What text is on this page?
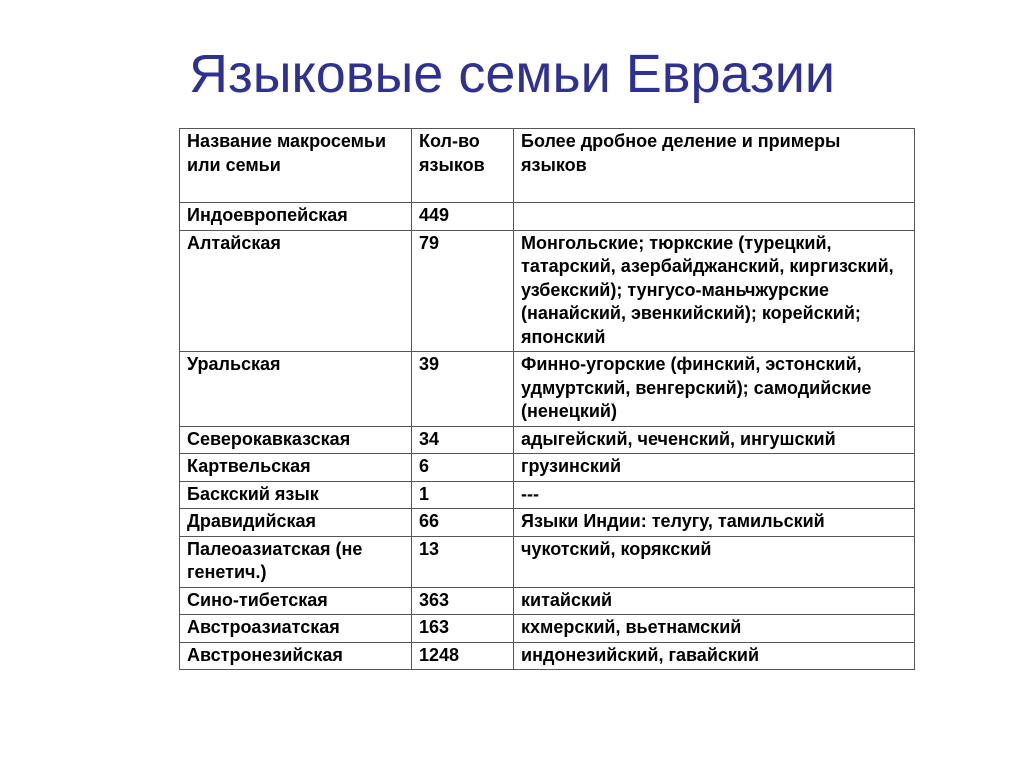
Языковые семьи Евразии
Название макросемьи или семьи	Кол-во языков	Более дробное деление и примеры языков
Индоевропейская	449	
Алтайская	79	Монгольские; тюркские (турецкий, татарский, азербайджанский, киргизский, узбекский); тунгусо-маньчжурские (нанайский, эвенкийский); корейский; японский
Уральская	39	Финно-угорские (финский, эстонский, удмуртский, венгерский); самодийские (ненецкий)
Северокавказская	34	адыгейский, чеченский, ингушский
Картвельская	6	грузинский
Баскский язык	1	---
Дравидийская	66	Языки Индии: телугу, тамильский
Палеоазиатская (не генетич.)	13	чукотский, корякский
Сино-тибетская	363	китайский
Австроазиатская	163	кхмерский, вьетнамский
Австронезийская	1248	индонезийский, гавайский
